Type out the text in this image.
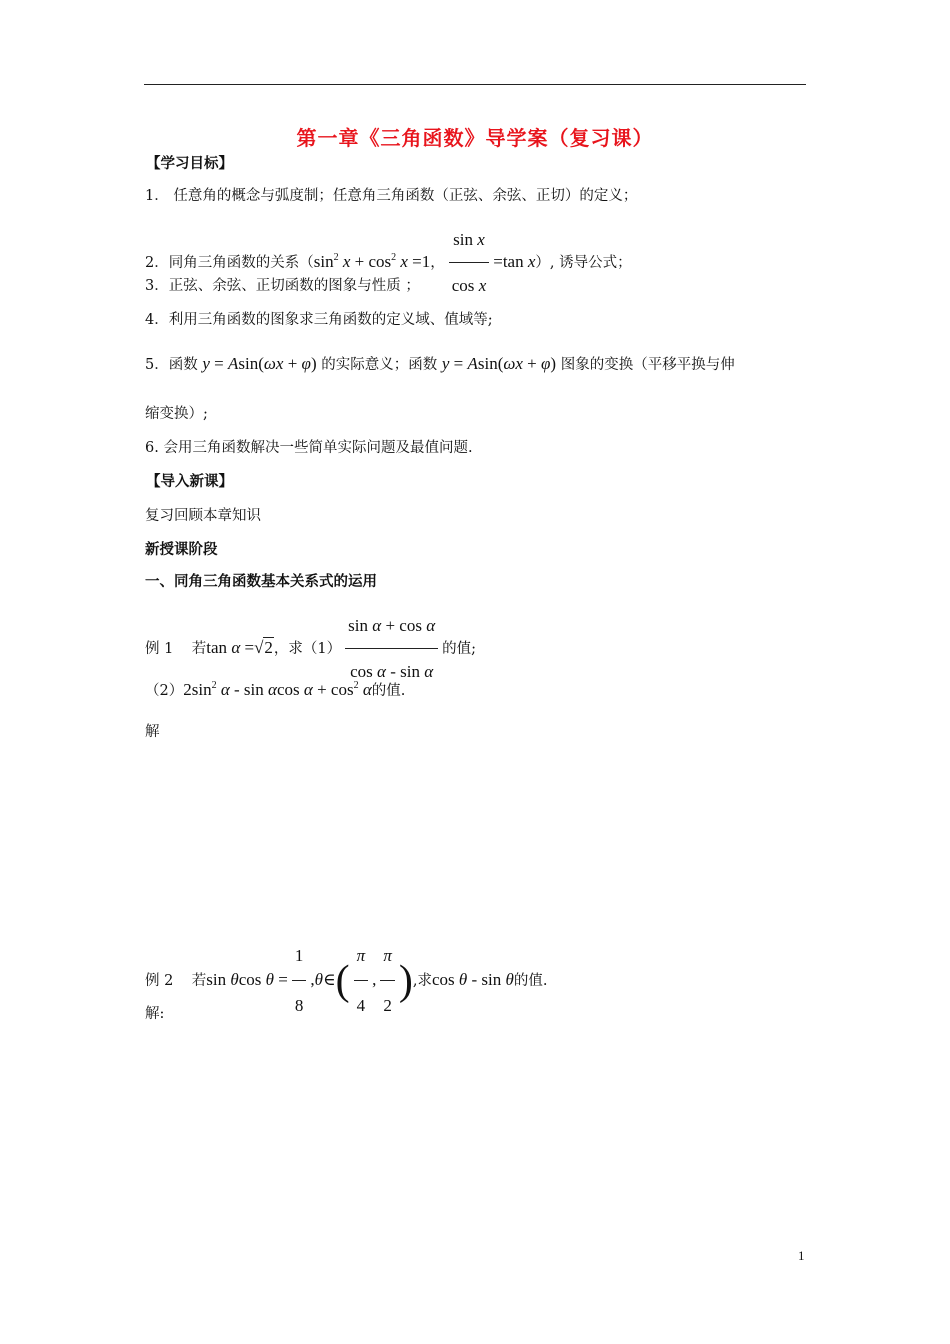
第一章《三角函数》导学案（复习课）
【学习目标】
1． 任意角的概念与弧度制；任意角三角函数（正弦、余弦、正切）的定义；
2．同角三角函数的关系（$\sin^2$ $x + \cos^2 x =1$， $\frac{\text{sin x}}{\text{cos x}} =\tan$ x）, 诱导公式；
3．正弦、余弦、正切函数的图象与性质 ；
4．利用三角函数的图象求三角函数的定义域、值域等;
5．函数 y = Asin(ωx + φ) 的实际意义；函数 y = Asin(ωx + φ) 图象的变换（平移平换与伸
缩变换）;
6. 会用三角函数解决一些简单实际问题及最值问题.
【导入新课】
复习回顾本章知识
新授课阶段
一、同角三角函数基本关系式的运用
例 1 若tan α =√2，求$(1) \frac{\text{sin α + cos α}}{\text{cos α - sin α}}$ 的值;
$(2)2\sin^2$ α - sin αcos $\alpha + \cos^2 \alpha$的值.
解
例 2 若sin θcos $\theta = \frac{1}{8}$ ,θ∈( $\frac{\pi}{4}$ , $\frac{\pi}{2}$ ),求cos θ - sin θ的值.
解:
1
